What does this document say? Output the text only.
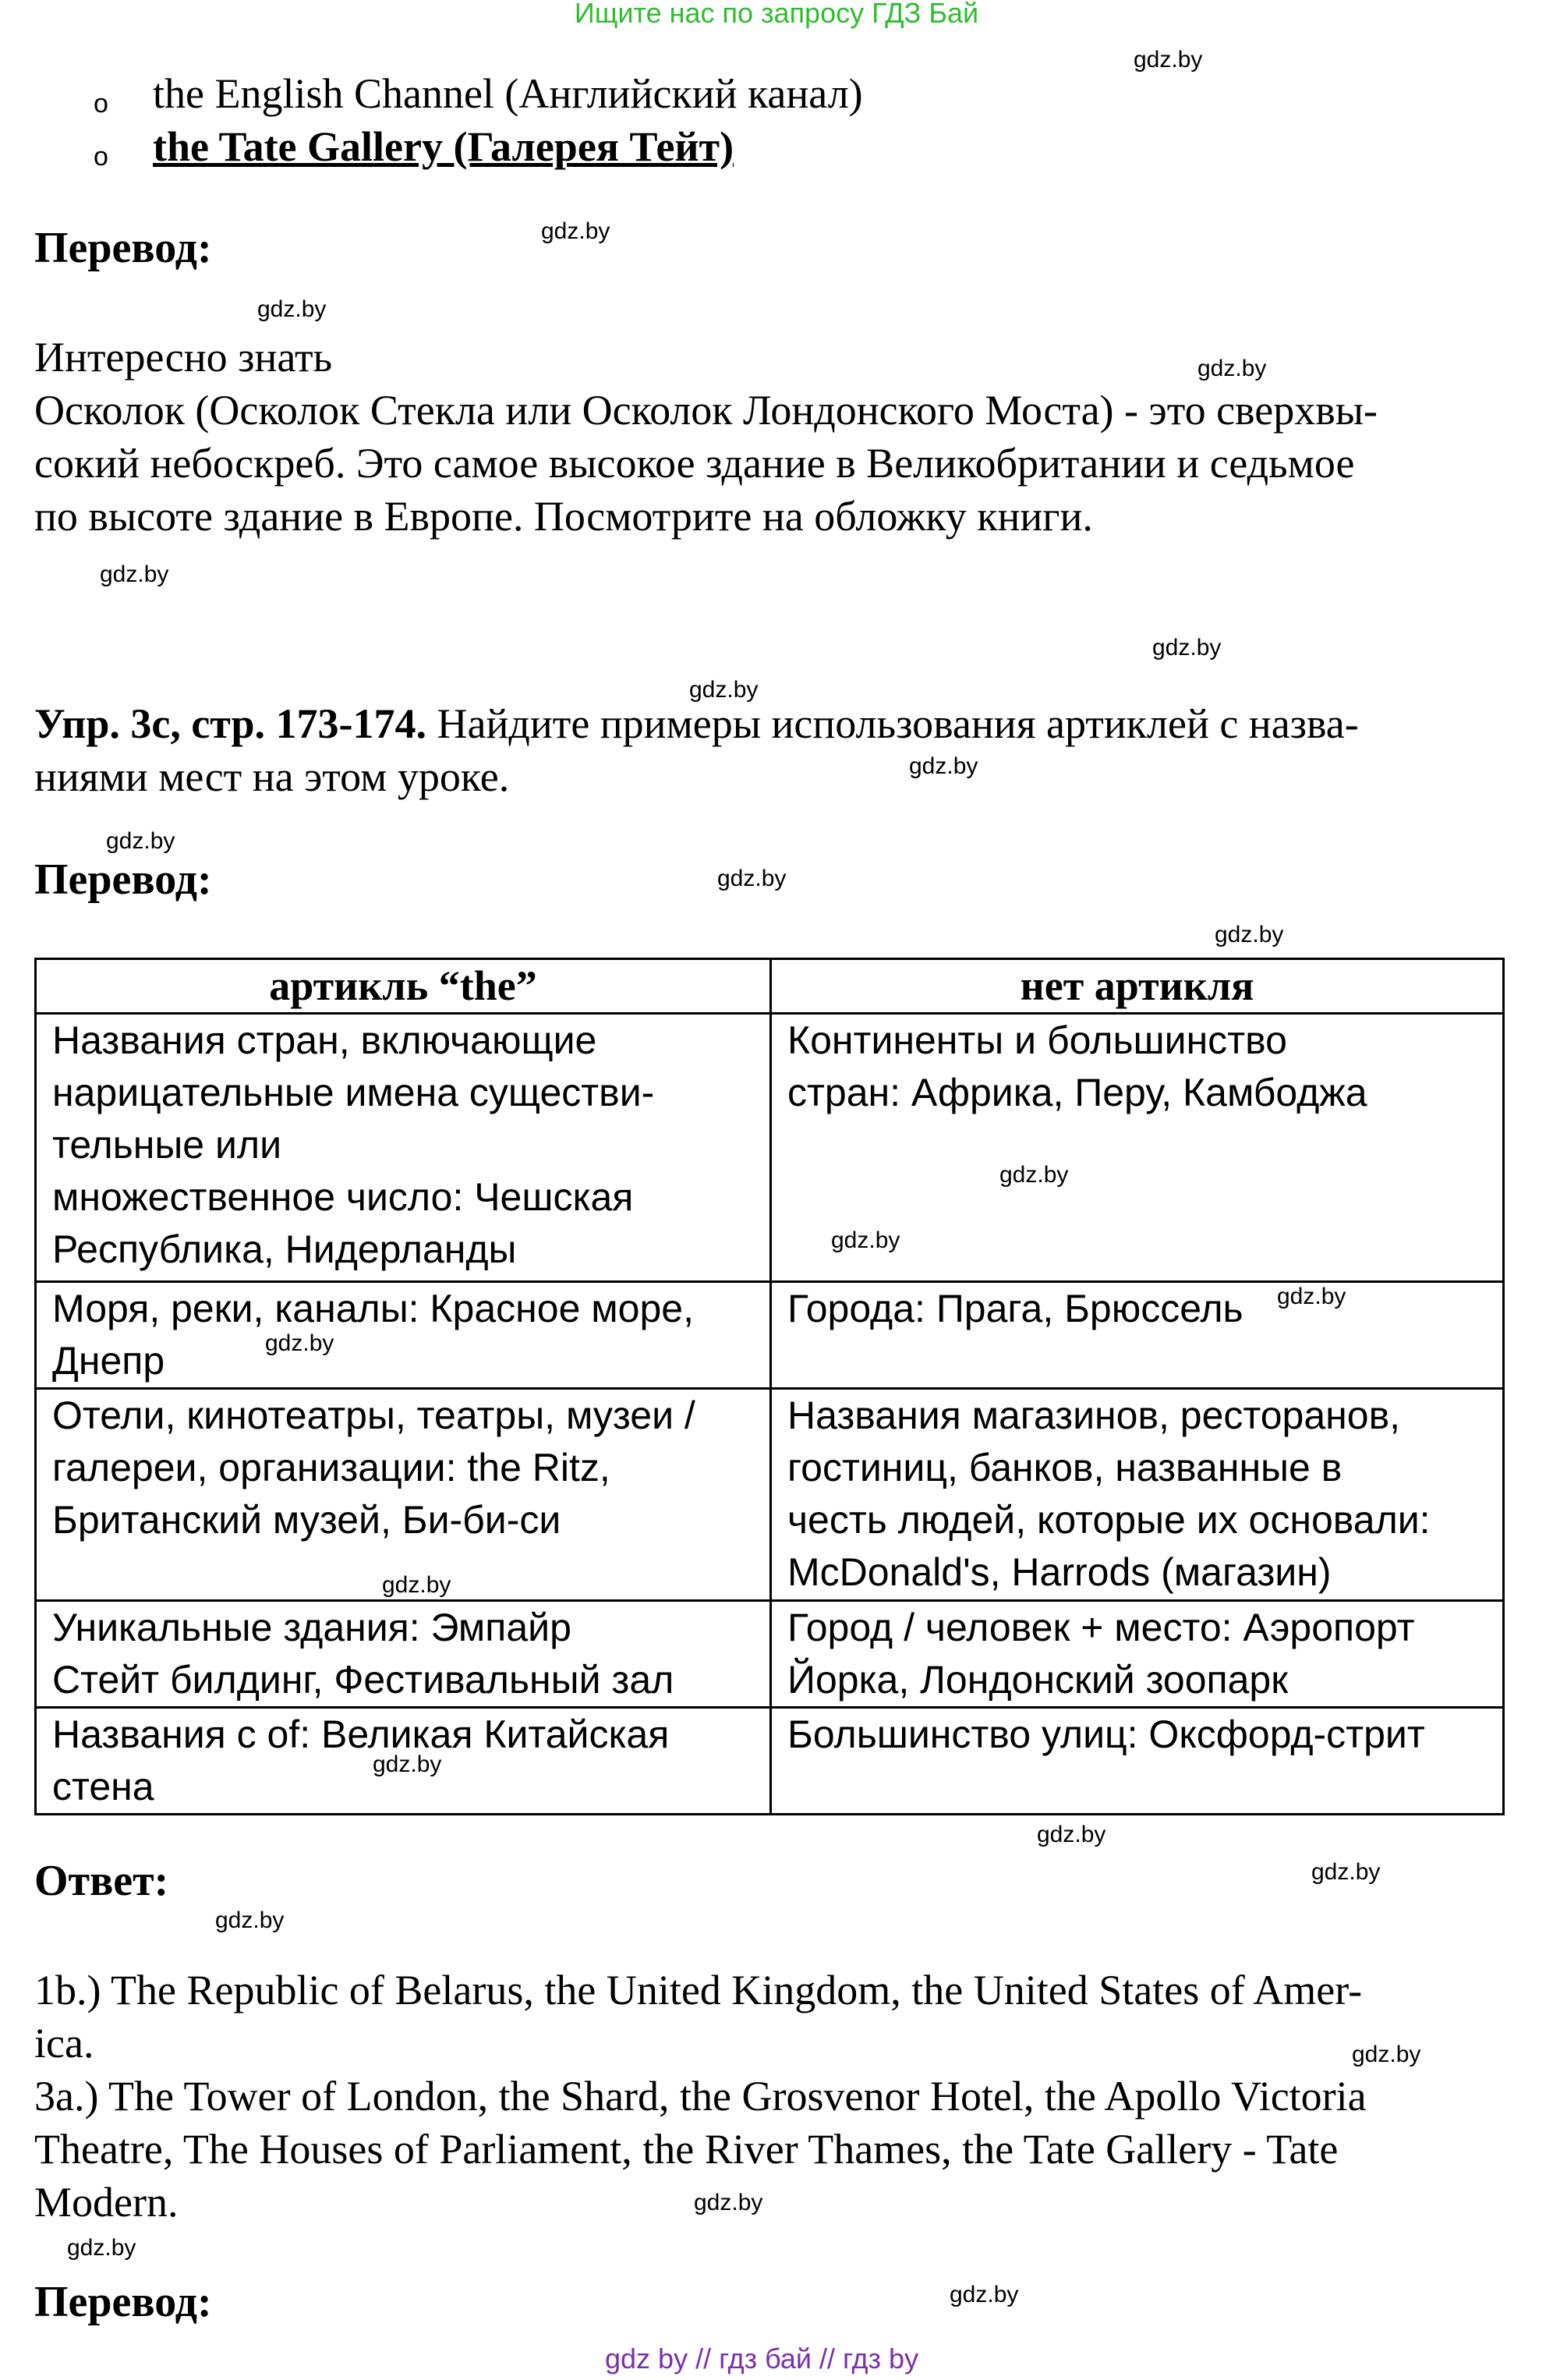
Ищите нас по запросу ГДЗ Бай
o the English Channel (Английский канал)
o the Tate Gallery (Галерея Тейт)
Перевод:
Интересно знать
Осколок (Осколок Стекла или Осколок Лондонского Моста) - это сверхвы-
сокий небоскреб. Это самое высокое здание в Великобритании и седьмое
по высоте здание в Европе. Посмотрите на обложку книги.
Упр. 3с, стр. 173-174. Найдите примеры использования артиклей с назва-
ниями мест на этом уроке.
Перевод:
артикль “the”	нет артикля

Названия стран, включающие
нарицательные имена существи-
тельные или
множественное число: Чешская
Республика, Нидерланды	Континенты и большинство
стран: Африка, Перу, Камбоджа

Моря, реки, каналы: Красное море,
Днепр	Города: Прага, Брюссель

Отели, кинотеатры, театры, музеи /
галереи, организации: the Ritz,
Британский музей, Би-би-си	Названия магазинов, ресторанов,
гостиниц, банков, названные в
честь людей, которые их основали:
McDonald's, Harrods (магазин)

Уникальные здания: Эмпайр
Стейт билдинг, Фестивальный зал	Город / человек + место: Аэропорт
Йорка, Лондонский зоопарк

Названия с of: Великая Китайская
стена	Большинство улиц: Оксфорд-стрит
Ответ:
1b.) The Republic of Belarus, the United Kingdom, the United States of Amer-
ica.
3a.) The Tower of London, the Shard, the Grosvenor Hotel, the Apollo Victoria
Theatre, The Houses of Parliament, the River Thames, the Tate Gallery - Tate
Modern.
Перевод:
gdz by // гдз бай // гдз by
gdz.by
gdz.by
gdz.by
gdz.by
gdz.by
gdz.by
gdz.by
gdz.by
gdz.by
gdz.by
gdz.by
gdz.by
gdz.by
gdz.by
gdz.by
gdz.by
gdz.by
gdz.by
gdz.by
gdz.by
gdz.by
gdz.by
gdz.by
gdz.by
